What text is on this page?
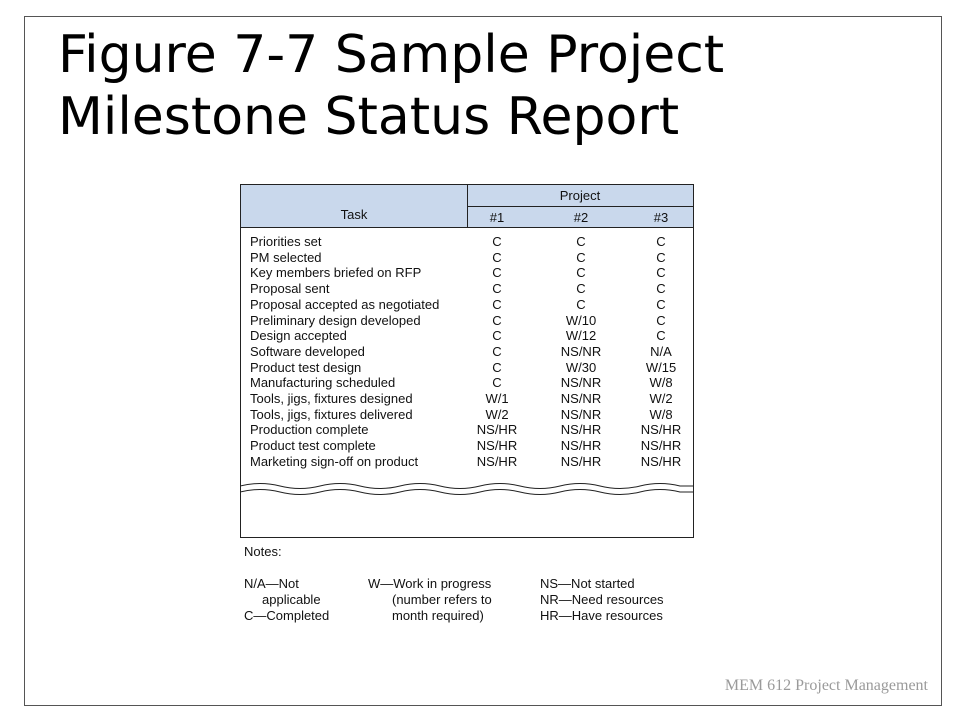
Figure 7-7 Sample Project
Milestone Status Report
Task
Project
#1	#2	#3
Priorities set	C	C	C
PM selected	C	C	C
Key members briefed on RFP	C	C	C
Proposal sent	C	C	C
Proposal accepted as negotiated	C	C	C
Preliminary design developed	C	W/10	C
Design accepted	C	W/12	C
Software developed	C	NS/NR	N/A
Product test design	C	W/30	W/15
Manufacturing scheduled	C	NS/NR	W/8
Tools, jigs, fixtures designed	W/1	NS/NR	W/2
Tools, jigs, fixtures delivered	W/2	NS/NR	W/8
Production complete	NS/HR	NS/HR	NS/HR
Product test complete	NS/HR	NS/HR	NS/HR
Marketing sign-off on product	NS/HR	NS/HR	NS/HR
Notes:
N/A—Not
applicable
C—Completed
W—Work in progress
(number refers to
month required)
NS—Not started
NR—Need resources
HR—Have resources
MEM 612 Project Management
